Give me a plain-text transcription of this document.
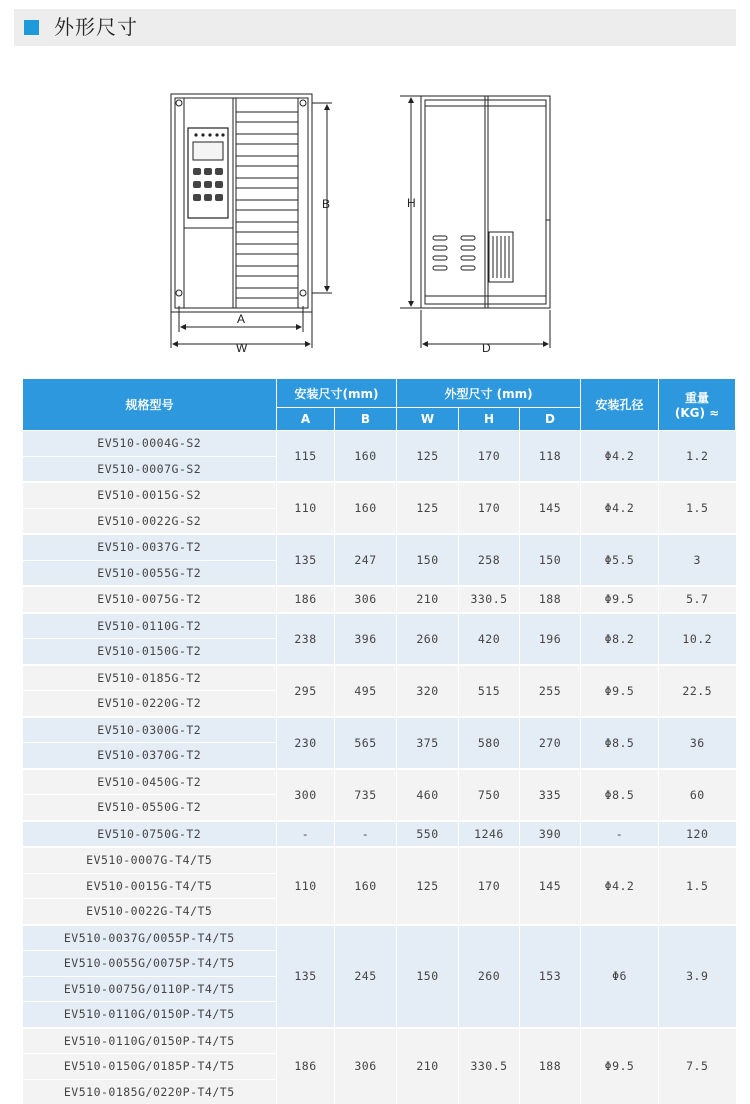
外形尺寸
B
A
W
H
D
规格型号	安装尺寸(mm)		外型尺寸 (mm)			安装孔径	重量
(KG) ≈

	A	B	W	H	D		
EV510-0004G-S2	115	160	125	170	118	Φ4.2	1.2
EV510-0007G-S2							
EV510-0015G-S2	110	160	125	170	145	Φ4.2	1.5
EV510-0022G-S2							
EV510-0037G-T2	135	247	150	258	150	Φ5.5	3
EV510-0055G-T2							
EV510-0075G-T2	186	306	210	330.5	188	Φ9.5	5.7
EV510-0110G-T2	238	396	260	420	196	Φ8.2	10.2
EV510-0150G-T2							
EV510-0185G-T2	295	495	320	515	255	Φ9.5	22.5
EV510-0220G-T2							
EV510-0300G-T2	230	565	375	580	270	Φ8.5	36
EV510-0370G-T2							
EV510-0450G-T2	300	735	460	750	335	Φ8.5	60
EV510-0550G-T2							
EV510-0750G-T2	-	-	550	1246	390	-	120
EV510-0007G-T4/T5	110	160	125	170	145	Φ4.2	1.5
EV510-0015G-T4/T5							
EV510-0022G-T4/T5							
EV510-0037G/0055P-T4/T5	135	245	150	260	153	Φ6	3.9
EV510-0055G/0075P-T4/T5							
EV510-0075G/0110P-T4/T5							
EV510-0110G/0150P-T4/T5							
EV510-0110G/0150P-T4/T5	186	306	210	330.5	188	Φ9.5	7.5
EV510-0150G/0185P-T4/T5							
EV510-0185G/0220P-T4/T5							
